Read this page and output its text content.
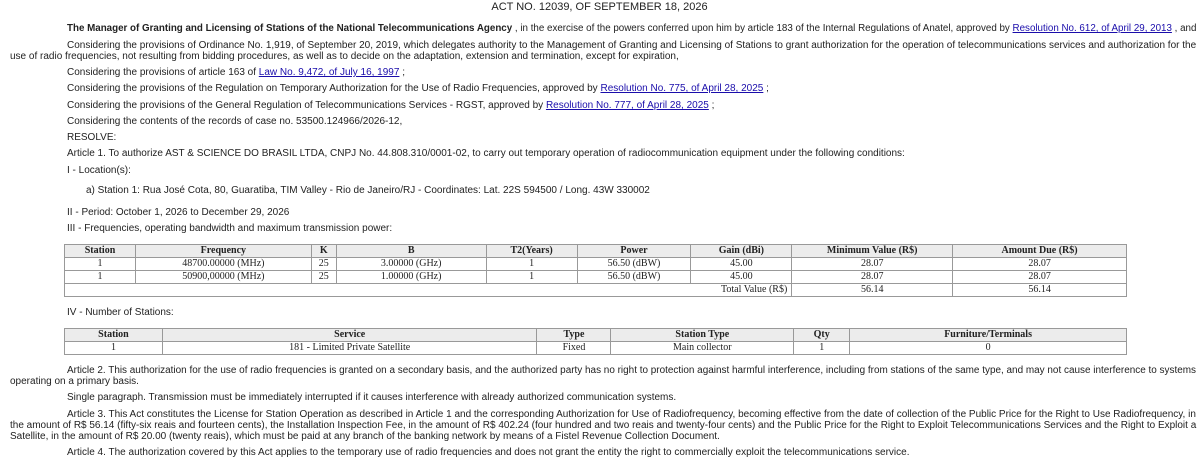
ACT NO. 12039, OF SEPTEMBER 18, 2026
The Manager of Granting and Licensing of Stations of the National Telecommunications Agency , in the exercise of the powers conferred upon him by article 183 of the Internal Regulations of Anatel, approved by Resolution No. 612, of April 29, 2013 , and
Considering the provisions of Ordinance No. 1,919, of September 20, 2019, which delegates authority to the Management of Granting and Licensing of Stations to grant authorization for the operation of telecommunications services and authorization for the
use of radio frequencies, not resulting from bidding procedures, as well as to decide on the adaptation, extension and termination, except for expiration,
Considering the provisions of article 163 of Law No. 9,472, of July 16, 1997 ;
Considering the provisions of the Regulation on Temporary Authorization for the Use of Radio Frequencies, approved by Resolution No. 775, of April 28, 2025 ;
Considering the provisions of the General Regulation of Telecommunications Services - RGST, approved by Resolution No. 777, of April 28, 2025 ;
Considering the contents of the records of case no. 53500.124966/2026-12,
RESOLVE:
Article 1. To authorize AST & SCIENCE DO BRASIL LTDA, CNPJ No. 44.808.310/0001-02, to carry out temporary operation of radiocommunication equipment under the following conditions:
I - Location(s):
a) Station 1: Rua José Cota, 80, Guaratiba, TIM Valley - Rio de Janeiro/RJ - Coordinates: Lat. 22S 594500 / Long. 43W 330002
II - Period: October 1, 2026 to December 29, 2026
III - Frequencies, operating bandwidth and maximum transmission power:
Station	Frequency	K	B	T2(Years)	Power	Gain (dBi)	Minimum Value (R$)	Amount Due (R$)
1	48700.00000 (MHz)	25	3.00000 (GHz)	1	56.50 (dBW)	45.00	28.07	28.07
1	50900,00000 (MHz)	25	1.00000 (GHz)	1	56.50 (dBW)	45.00	28.07	28.07
Total Value (R$)							56.14	56.14
IV - Number of Stations:
Station	Service	Type	Station Type	Qty	Furniture/Terminals
1	181 - Limited Private Satellite	Fixed	Main collector	1	0
Article 2. This authorization for the use of radio frequencies is granted on a secondary basis, and the authorized party has no right to protection against harmful interference, including from stations of the same type, and may not cause interference to systems
operating on a primary basis.
Single paragraph. Transmission must be immediately interrupted if it causes interference with already authorized communication systems.
Article 3. This Act constitutes the License for Station Operation as described in Article 1 and the corresponding Authorization for Use of Radiofrequency, becoming effective from the date of collection of the Public Price for the Right to Use Radiofrequency, in
the amount of R$ 56.14 (fifty-six reais and fourteen cents), the Installation Inspection Fee, in the amount of R$ 402.24 (four hundred and two reais and twenty-four cents) and the Public Price for the Right to Exploit Telecommunications Services and the Right to Exploit a
Satellite, in the amount of R$ 20.00 (twenty reais), which must be paid at any branch of the banking network by means of a Fistel Revenue Collection Document.
Article 4. The authorization covered by this Act applies to the temporary use of radio frequencies and does not grant the entity the right to commercially exploit the telecommunications service.
